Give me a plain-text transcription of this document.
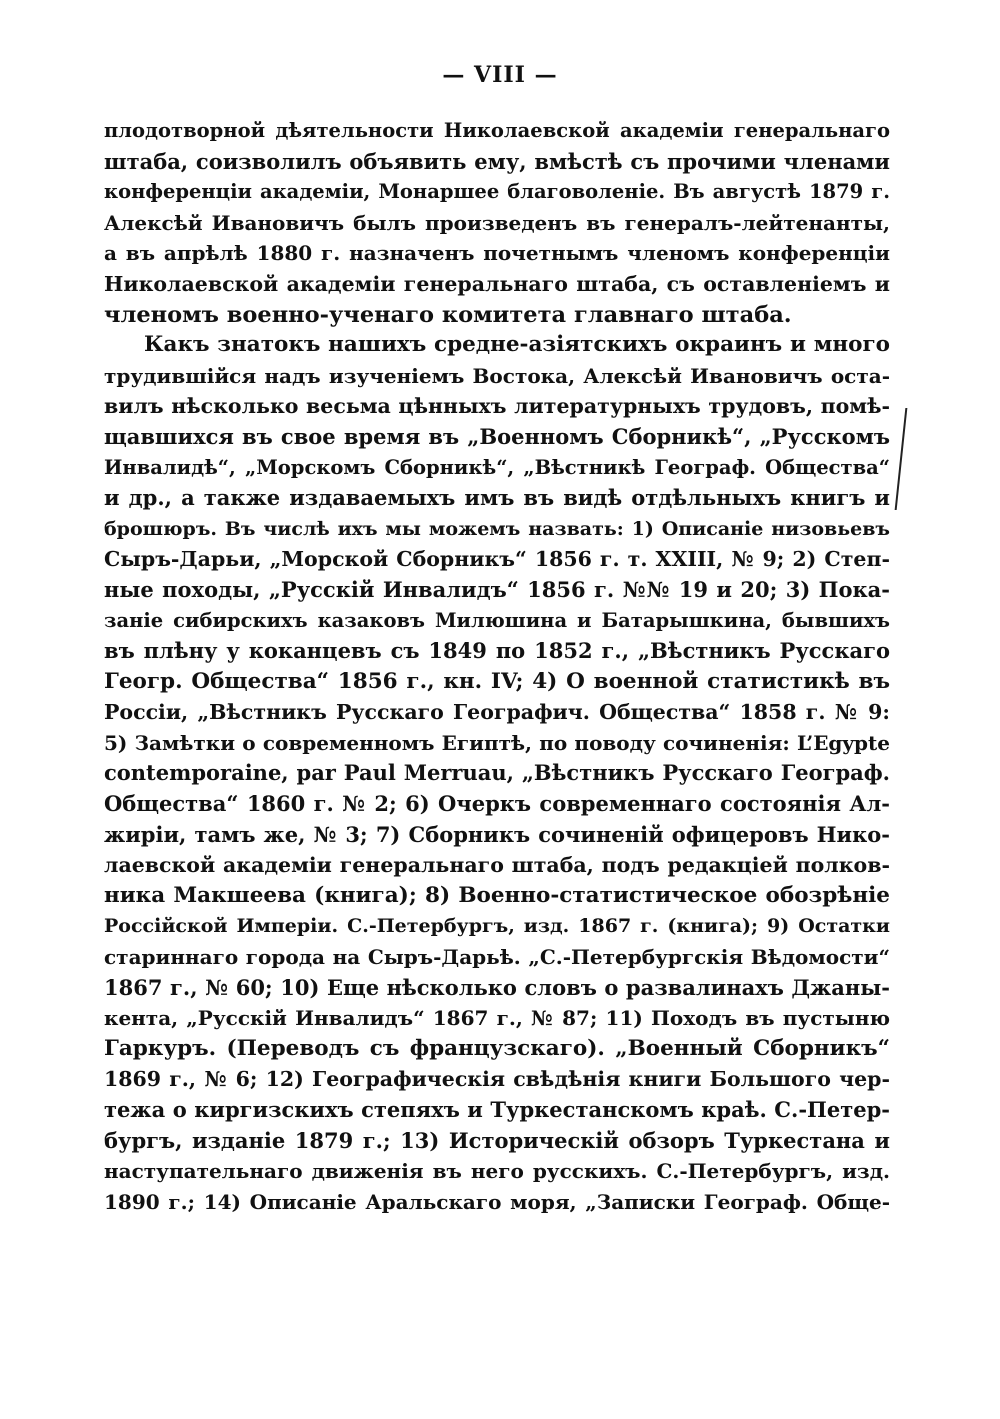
— VIII —
плодотворной дѣятельности Николаевской академіи генеральнаго
штаба, соизволилъ объявить ему, вмѣстѣ съ прочими членами
конференціи академіи, Монаршее благоволеніе. Въ августѣ 1879 г.
Алексѣй Ивановичъ былъ произведенъ въ генералъ-лейтенанты,
а въ апрѣлѣ 1880 г. назначенъ почетнымъ членомъ конференціи
Николаевской академіи генеральнаго штаба, съ оставленіемъ и
членомъ военно-ученаго комитета главнаго штаба.
Какъ знатокъ нашихъ средне-азіятскихъ окраинъ и много
трудившійся надъ изученіемъ Востока, Алексѣй Ивановичъ оста-
вилъ нѣсколько весьма цѣнныхъ литературныхъ трудовъ, помѣ-
щавшихся въ свое время въ „Военномъ Сборникѣ“, „Русскомъ
Инвалидѣ“, „Морскомъ Сборникѣ“, „Вѣстникѣ Географ. Общества“
и др., а также издаваемыхъ имъ въ видѣ отдѣльныхъ книгъ и
брошюръ. Въ числѣ ихъ мы можемъ назвать: 1) Описаніе низовьевъ
Сыръ-Дарьи, „Морской Сборникъ“ 1856 г. т. XXIII, № 9; 2) Степ-
ные походы, „Русскій Инвалидъ“ 1856 г. №№ 19 и 20; 3) Пока-
заніе сибирскихъ казаковъ Милюшина и Батарышкина, бывшихъ
въ плѣну у коканцевъ съ 1849 по 1852 г., „Вѣстникъ Русскаго
Геогр. Общества“ 1856 г., кн. IV; 4) О военной статистикѣ въ
Россіи, „Вѣстникъ Русскаго Географич. Общества“ 1858 г. № 9:
5) Замѣтки о современномъ Египтѣ, по поводу сочиненія: L’Egypte
contemporaine, par Paul Merruau, „Вѣстникъ Русскаго Географ.
Общества“ 1860 г. № 2; 6) Очеркъ современнаго состоянія Ал-
жиріи, тамъ же, № 3; 7) Сборникъ сочиненій офицеровъ Нико-
лаевской академіи генеральнаго штаба, подъ редакціей полков-
ника Макшеева (книга); 8) Военно-статистическое обозрѣніе
Россійской Имперіи. С.-Петербургъ, изд. 1867 г. (книга); 9) Остатки
стариннаго города на Сыръ-Дарьѣ. „С.-Петербургскія Вѣдомости“
1867 г., № 60; 10) Еще нѣсколько словъ о развалинахъ Джаны-
кента, „Русскій Инвалидъ“ 1867 г., № 87; 11) Походъ въ пустыню
Гаркуръ. (Переводъ съ французскаго). „Военный Сборникъ“
1869 г., № 6; 12) Географическія свѣдѣнія книги Большого чер-
тежа о киргизскихъ степяхъ и Туркестанскомъ краѣ. С.-Петер-
бургъ, изданіе 1879 г.; 13) Историческій обзоръ Туркестана и
наступательнаго движенія въ него русскихъ. С.-Петербургъ, изд.
1890 г.; 14) Описаніе Аральскаго моря, „Записки Географ. Обще-
